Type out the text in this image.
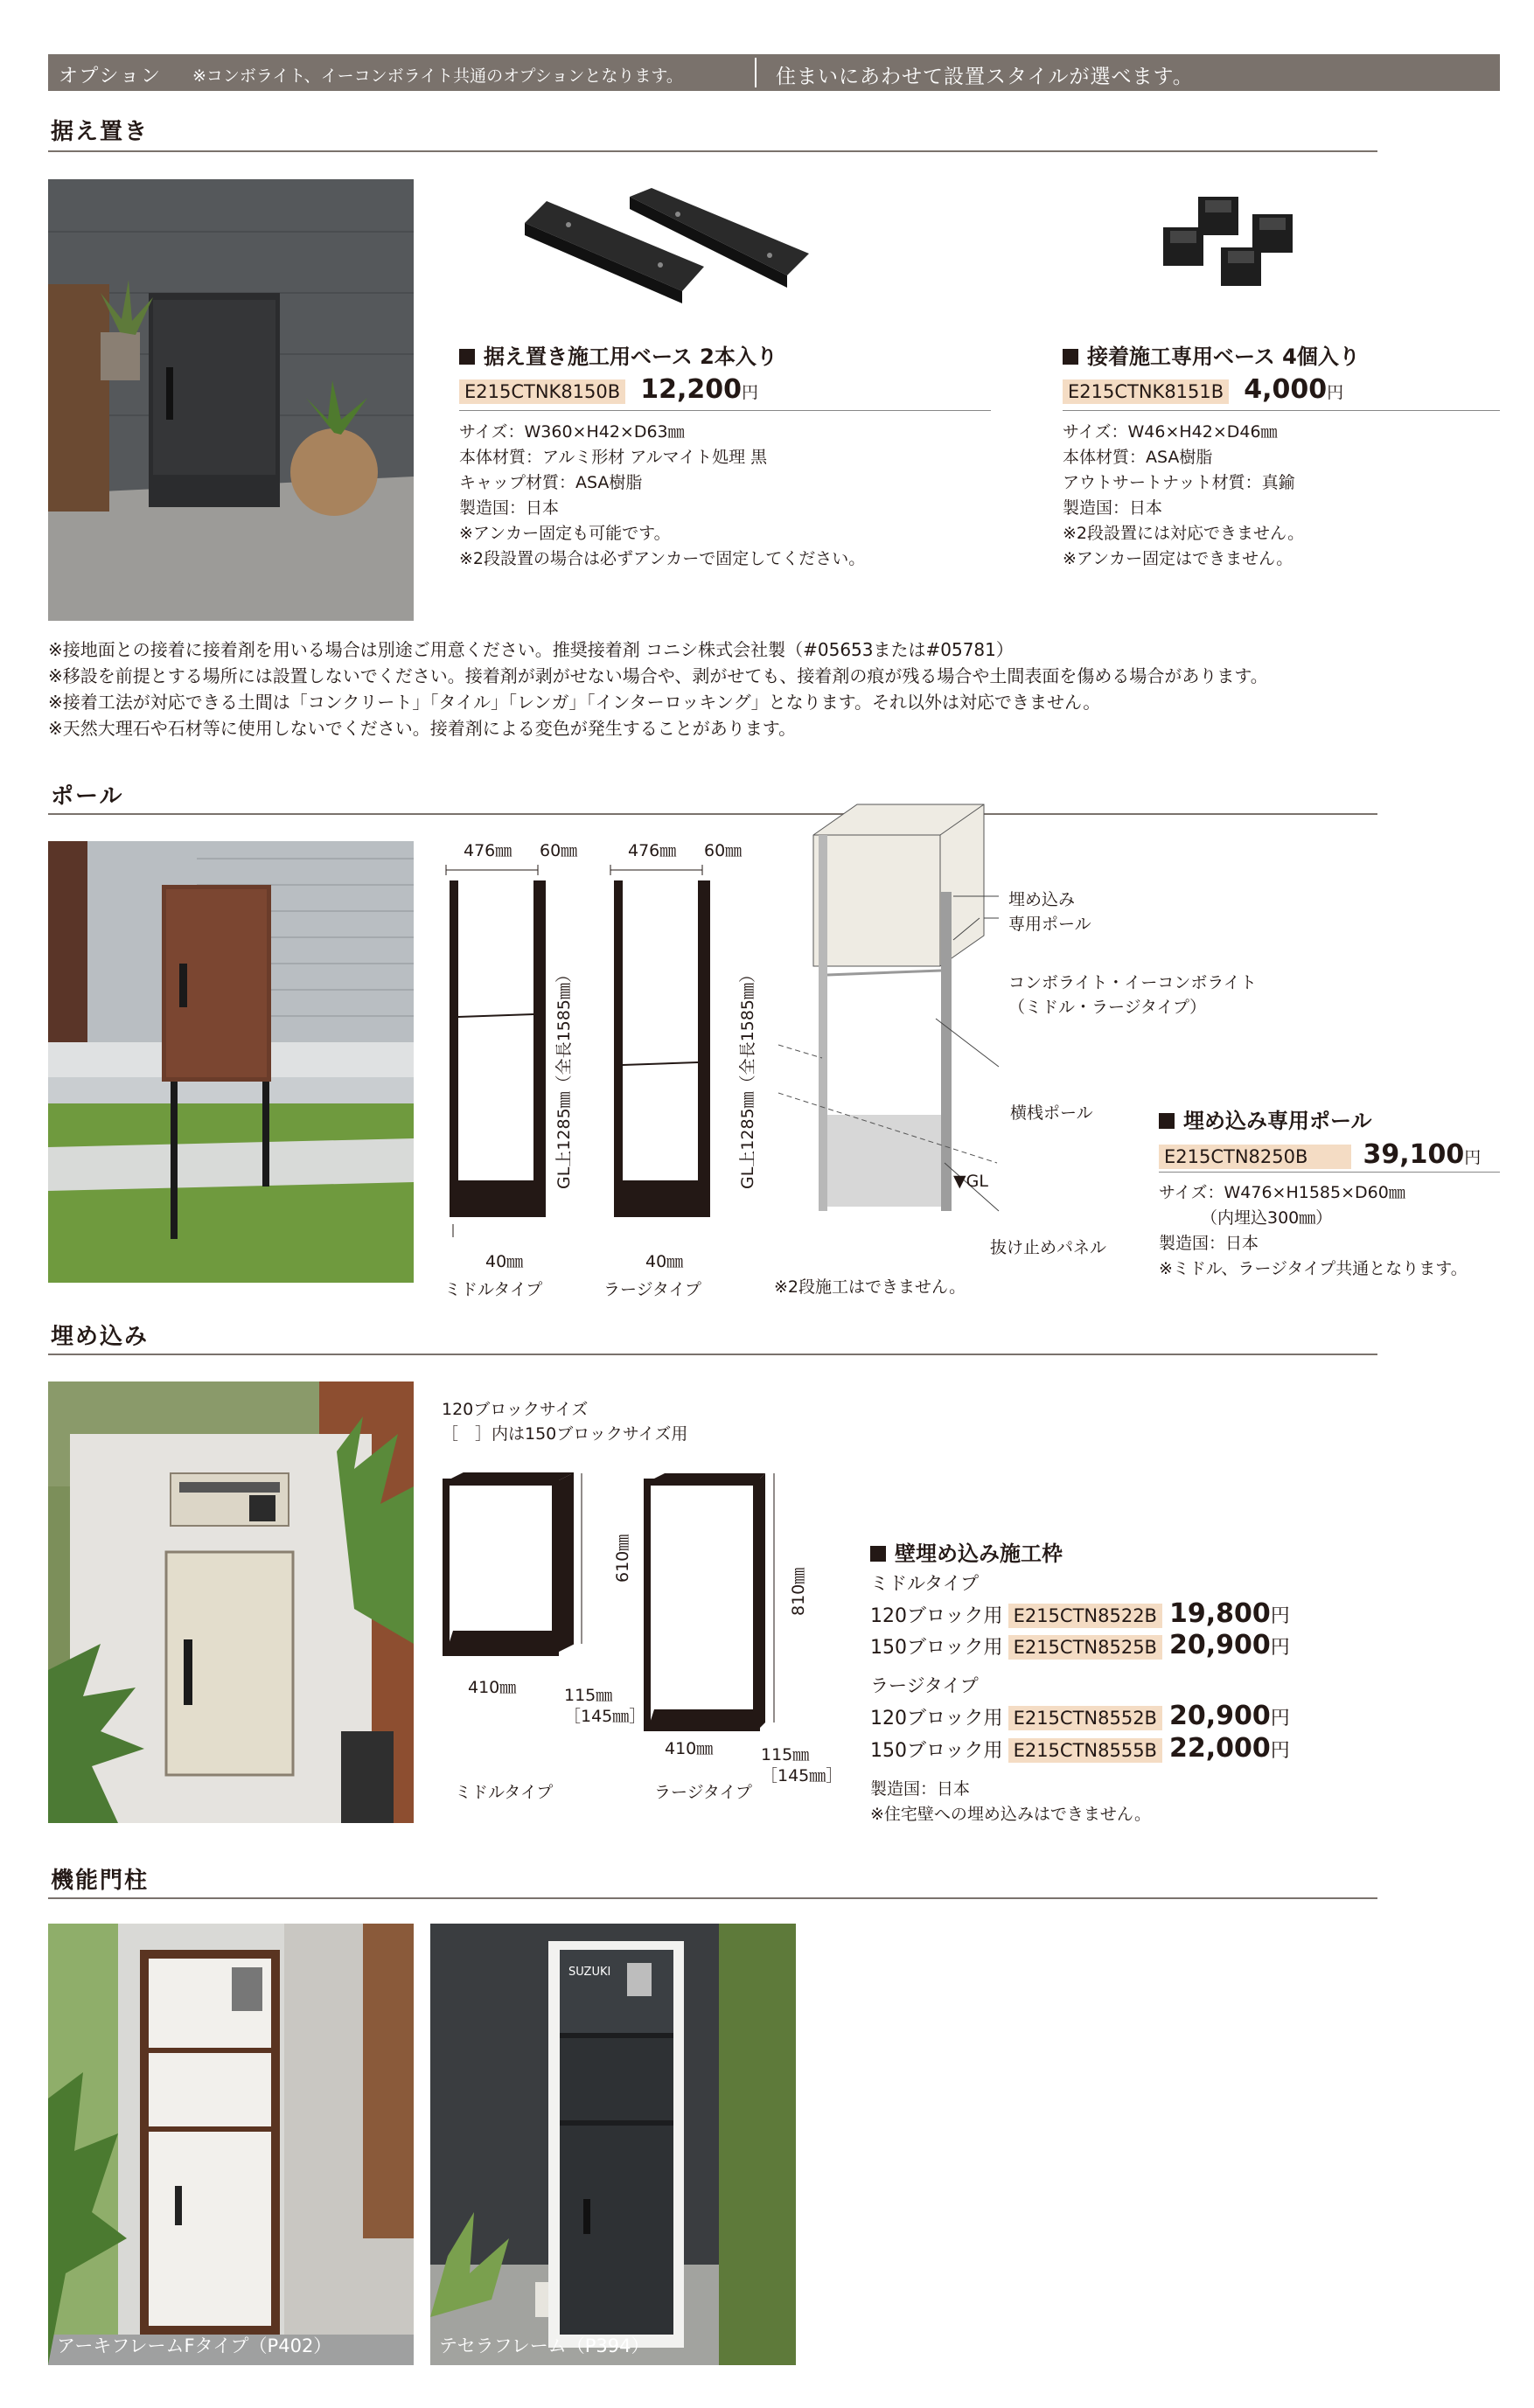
オプション ※コンボライト、イーコンボライト共通のオプションとなります。	住まいにあわせて設置スタイルが選べます。
据え置き
据え置き施工用ベース 2本入り
E215CTNK8150B 12,200円
サイズ：W360×H42×D63㎜
本体材質：アルミ形材 アルマイト処理 黒
キャップ材質：ASA樹脂
製造国：日本
※アンカー固定も可能です。
※2段設置の場合は必ずアンカーで固定してください。
接着施工専用ベース 4個入り
E215CTNK8151B 4,000円
サイズ：W46×H42×D46㎜
本体材質：ASA樹脂
アウトサートナット材質：真鍮
製造国：日本
※2段設置には対応できません。
※アンカー固定はできません。
※接地面との接着に接着剤を用いる場合は別途ご用意ください。推奨接着剤 コニシ株式会社製（#05653または#05781）
※移設を前提とする場所には設置しないでください。接着剤が剥がせない場合や、剥がせても、接着剤の痕が残る場合や土間表面を傷める場合があります。
※接着工法が対応できる土間は「コンクリート」「タイル」「レンガ」「インターロッキング」となります。それ以外は対応できません。
※天然大理石や石材等に使用しないでください。接着剤による変色が発生することがあります。
ポール
476㎜ 60㎜
GL上1285㎜（全長1585㎜）
40㎜
ミドルタイプ
476㎜ 60㎜
GL上1285㎜（全長1585㎜）
40㎜
ラージタイプ
埋め込み
専用ポール
コンボライト・イーコンボライト
（ミドル・ラージタイプ）
横桟ポール
▼GL
抜け止めパネル
※2段施工はできません。
埋め込み専用ポール
E215CTN8250B 39,100円
サイズ：W476×H1585×D60㎜
（内埋込300㎜）
製造国：日本
※ミドル、ラージタイプ共通となります。
埋め込み
120ブロックサイズ
［　］内は150ブロックサイズ用
610㎜
410㎜	115㎜
［145㎜］
ミドルタイプ
810㎜
410㎜	115㎜
［145㎜］
ラージタイプ
壁埋め込み施工枠
ミドルタイプ
120ブロック用 E215CTN8522B 19,800円
150ブロック用 E215CTN8525B 20,900円
ラージタイプ
120ブロック用 E215CTN8552B 20,900円
150ブロック用 E215CTN8555B 22,000円
製造国：日本
※住宅壁への埋め込みはできません。
機能門柱
アーキフレームFタイプ（P402）
SUZUKI
テセラフレーム（P394）
